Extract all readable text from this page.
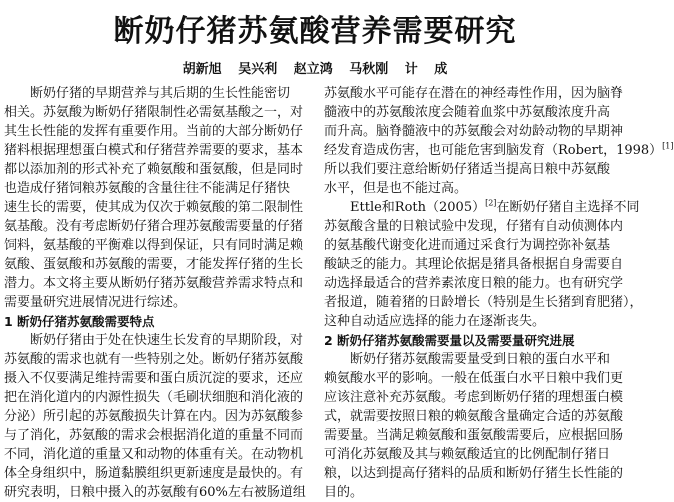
断奶仔猪苏氨酸营养需要研究
胡新旭 吴兴利 赵立鸿 马秋刚 计 成
断奶仔猪的早期营养与其后期的生长性能密切
相关。苏氨酸为断奶仔猪限制性必需氨基酸之一，对
其生长性能的发挥有重要作用。当前的大部分断奶仔
猪料根据理想蛋白模式和仔猪营养需要的要求，基本
都以添加剂的形式补充了赖氨酸和蛋氨酸，但是同时
也造成仔猪饲粮苏氨酸的含量往往不能满足仔猪快
速生长的需要，使其成为仅次于赖氨酸的第二限制性
氨基酸。没有考虑断奶仔猪合理苏氨酸需要量的仔猪
饲料，氨基酸的平衡难以得到保证，只有同时满足赖
氨酸、蛋氨酸和苏氨酸的需要，才能发挥仔猪的生长
潜力。本文将主要从断奶仔猪苏氨酸营养需求特点和
需要量研究进展情况进行综述。
1 断奶仔猪苏氨酸需要特点
断奶仔猪由于处在快速生长发育的早期阶段，对
苏氨酸的需求也就有一些特别之处。断奶仔猪苏氨酸
摄入不仅要满足维持需要和蛋白质沉淀的要求，还应
把在消化道内的内源性损失（毛刷状细胞和消化液的
分泌）所引起的苏氨酸损失计算在内。因为苏氨酸参
与了消化，苏氨酸的需求会根据消化道的重量不同而
不同，消化道的重量又和动物的体重有关。在动物机
体全身组织中，肠道黏膜组织更新速度是最快的。有
研究表明，日粮中摄入的苏氨酸有60%左右被肠道组
苏氨酸水平可能存在潜在的神经毒性作用，因为脑脊
髓液中的苏氨酸浓度会随着血浆中苏氨酸浓度升高
而升高。脑脊髓液中的苏氨酸会对幼龄动物的早期神
经发育造成伤害，也可能危害到脑发育（Robert，1998）[1]
所以我们要注意给断奶仔猪适当提高日粮中苏氨酸
水平，但是也不能过高。
Ettle和Roth（2005）[2]在断奶仔猪自主选择不同
苏氨酸含量的日粮试验中发现，仔猪有自动侦测体内
的氨基酸代谢变化进而通过采食行为调控弥补氨基
酸缺乏的能力。其理论依据是猪具备根据自身需要自
动选择最适合的营养素浓度日粮的能力。也有研究学
者报道，随着猪的日龄增长（特别是生长猪到育肥猪），
这种自动适应选择的能力在逐渐丧失。
2 断奶仔猪苏氨酸需要量以及需要量研究进展
断奶仔猪苏氨酸需要量受到日粮的蛋白水平和
赖氨酸水平的影响。一般在低蛋白水平日粮中我们更
应该注意补充苏氨酸。考虑到断奶仔猪的理想蛋白模
式，就需要按照日粮的赖氨酸含量确定合适的苏氨酸
需要量。当满足赖氨酸和蛋氨酸需要后，应根据回肠
可消化苏氨酸及其与赖氨酸适宜的比例配制仔猪日
粮，以达到提高仔猪料的品质和断奶仔猪生长性能的
目的。
